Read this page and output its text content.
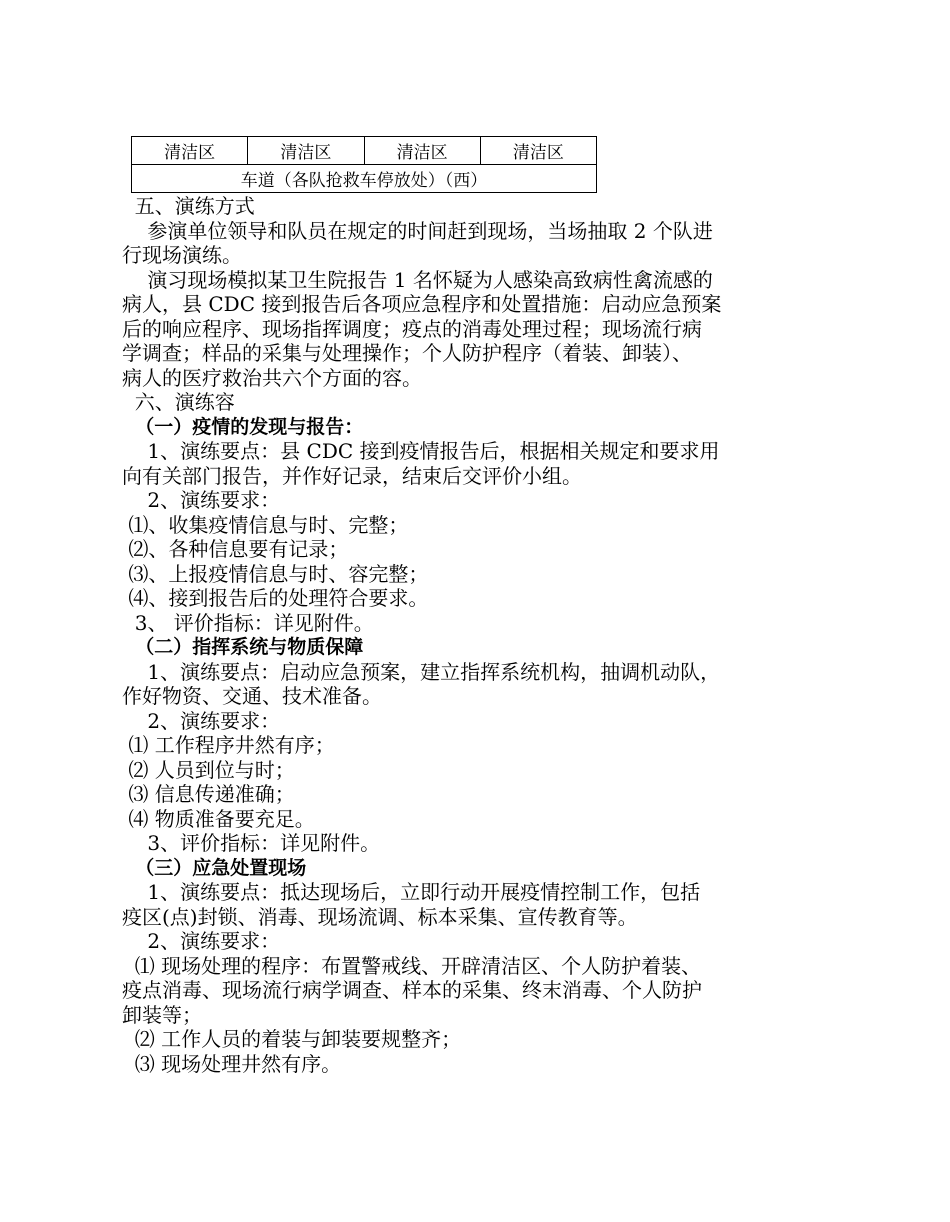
清洁区	清洁区	清洁区	清洁区
车道（各队抢救车停放处）（西）
五、演练方式
参演单位领导和队员在规定的时间赶到现场，当场抽取 2 个队进
行现场演练。
演习现场模拟某卫生院报告 1 名怀疑为人感染高致病性禽流感的
病人，县 CDC 接到报告后各项应急程序和处置措施：启动应急预案
后的响应程序、现场指挥调度；疫点的消毒处理过程；现场流行病
学调查；样品的采集与处理操作；个人防护程序（着装、卸装）、
病人的医疗救治共六个方面的容。
六、演练容
（一）疫情的发现与报告：
1、演练要点：县 CDC 接到疫情报告后，根据相关规定和要求用
向有关部门报告，并作好记录，结束后交评价小组。
2、演练要求：
⑴、收集疫情信息与时、完整；
⑵、各种信息要有记录；
⑶、上报疫情信息与时、容完整；
⑷、接到报告后的处理符合要求。
3、 评价指标：详见附件。
（二）指挥系统与物质保障
1、演练要点：启动应急预案，建立指挥系统机构，抽调机动队，
作好物资、交通、技术准备。
2、演练要求：
⑴ 工作程序井然有序；
⑵ 人员到位与时；
⑶ 信息传递准确；
⑷ 物质准备要充足。
3、评价指标：详见附件。
（三）应急处置现场
1、演练要点：抵达现场后，立即行动开展疫情控制工作，包括
疫区(点)封锁、消毒、现场流调、标本采集、宣传教育等。
2、演练要求：
⑴ 现场处理的程序：布置警戒线、开辟清洁区、个人防护着装、
疫点消毒、现场流行病学调查、样本的采集、终末消毒、个人防护
卸装等；
⑵ 工作人员的着装与卸装要规整齐；
⑶ 现场处理井然有序。
